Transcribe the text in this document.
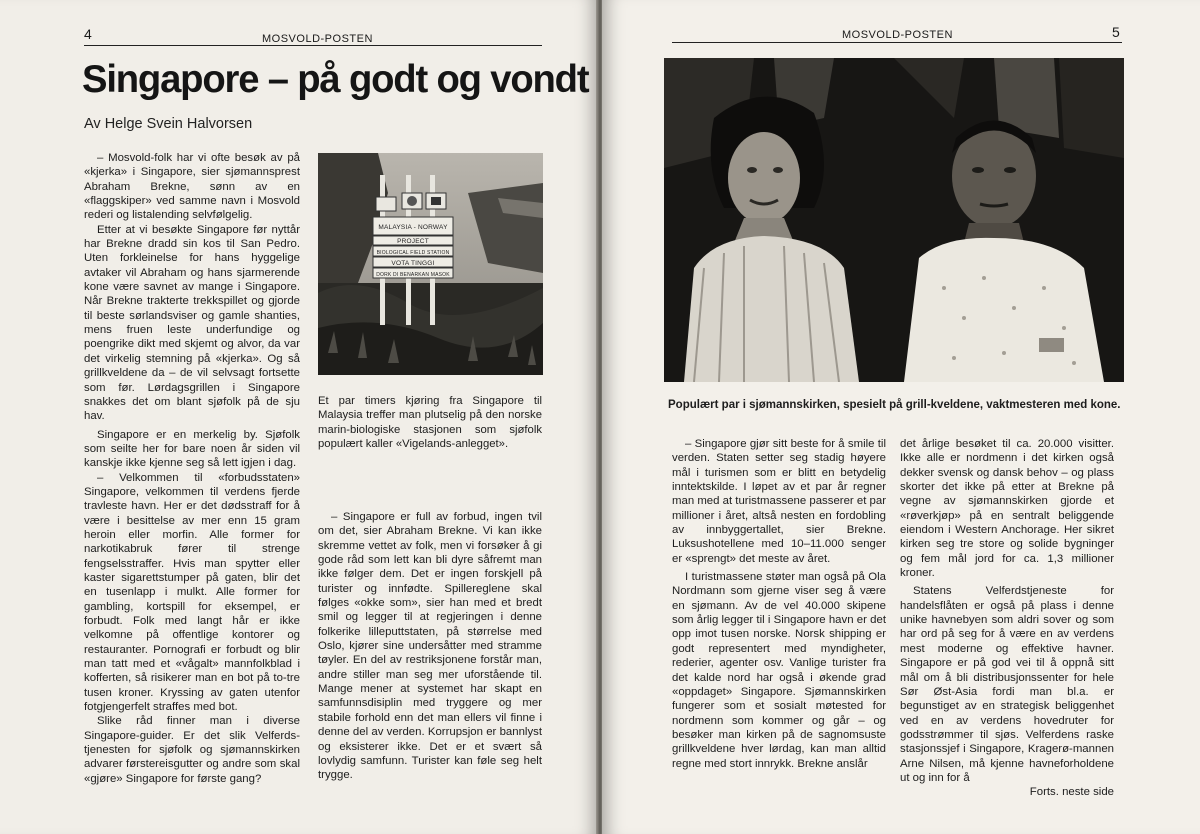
4	MOSVOLD-POSTEN
Singapore – på godt og vondt
Av Helge Svein Halvorsen

– Mosvold-folk har vi ofte besøk av på «kjerka» i Singapore, sier sjømannsprest Abraham Brekne, sønn av en «flaggskiper» ved samme navn i Mosvold rederi og listalending selvfølgelig.

Etter at vi besøkte Singapore før nyttår har Brekne dradd sin kos til San Pedro. Uten forkleinelse for hans hyggelige avtaker vil Abraham og hans sjarmerende kone være savnet av mange i Singapore. Når Brekne trakterte trekkspillet og gjorde til beste sørlandsviser og gamle shanties, mens fruen leste underfundige og poengrike dikt med skjemt og alvor, da var det virkelig stemning på «kjerka». Og så grillkveldene da – de vil selvsagt fortsette som før. Lørdagsgrillen i Singapore snakkes det om blant sjøfolk på de sju hav.

Singapore er en merkelig by. Sjøfolk som seilte her for bare noen år siden vil kanskje ikke kjenne seg så lett igjen i dag.

– Velkommen til «forbudsstaten» Singapore, velkommen til verdens fjerde travleste havn. Her er det dødsstraff for å være i besittelse av mer enn 15 gram heroin eller morfin. Alle former for narkotikabruk fører til strenge fengselsstraffer. Hvis man spytter eller kaster sigarettstumper på gaten, blir det en tusenlapp i mulkt. Alle former for gambling, kortspill for eksempel, er forbudt. Folk med langt hår er ikke velkomne på offentlige kontorer og restauranter. Pornografi er forbudt og blir man tatt med et «vågalt» mannfolkblad i kofferten, så risikerer man en bot på to-tre tusen kroner. Kryssing av gaten utenfor fotgjengerfelt straffes med bot.

Slike råd finner man i diverse Singapore-guider. Er det slik Velferds-tjenesten for sjøfolk og sjømannskirken advarer førstereisgutter og andre som skal «gjøre» Singapore for første gang?

MALAYSIA - NORWAY
PROJECT
BIOLOGICAL FIELD STATION
VOTA TINGGI
DORK DI BENARKAN MASOK
Et par timers kjøring fra Singapore til Malaysia treffer man plutselig på den norske marin-biologiske stasjonen som sjøfolk populært kaller «Vigelands-anlegget».

– Singapore er full av forbud, ingen tvil om det, sier Abraham Brekne. Vi kan ikke skremme vettet av folk, men vi forsøker å gi gode råd som lett kan bli dyre såfremt man ikke følger dem. Det er ingen forskjell på turister og innfødte. Spillereglene skal følges «okke som», sier han med et bredt smil og legger til at regjeringen i denne folkerike lilleputtstaten, på størrelse med Oslo, kjører sine undersåtter med stramme tøyler. En del av restriksjonene forstår man, andre stiller man seg mer uforstående til. Mange mener at systemet har skapt en samfunnsdisiplin med tryggere og mer stabile forhold enn det man ellers vil finne i denne del av verden. Korrupsjon er bannlyst og eksisterer ikke. Det er et svært så lovlydig samfunn. Turister kan føle seg helt trygge.

MOSVOLD-POSTEN	5
Populært par i sjømannskirken, spesielt på grill-kveldene, vaktmesteren med kone.

– Singapore gjør sitt beste for å smile til verden. Staten setter seg stadig høyere mål i turismen som er blitt en betydelig inntektskilde. I løpet av et par år regner man med at turistmassene passerer et par millioner i året, altså nesten en fordobling av innbyggertallet, sier Brekne. Luksushotellene med 10–11.000 senger er «sprengt» det meste av året.

I turistmassene støter man også på Ola Nordmann som gjerne viser seg å være en sjømann. Av de vel 40.000 skipene som årlig legger til i Singapore havn er det opp imot tusen norske. Norsk shipping er godt representert med myndigheter, rederier, agenter osv. Vanlige turister fra det kalde nord har også i økende grad «oppdaget» Singapore. Sjømannskirken fungerer som et sosialt møtested for nordmenn som kommer og går – og besøker man kirken på de sagnomsuste grillkveldene hver lørdag, kan man alltid regne med stort innrykk. Brekne anslår

det årlige besøket til ca. 20.000 visitter. Ikke alle er nordmenn i det kirken også dekker svensk og dansk behov – og plass skorter det ikke på etter at Brekne på vegne av sjømannskirken gjorde et «røverkjøp» på en sentralt beliggende eiendom i Western Anchorage. Her sikret kirken seg tre store og solide bygninger og fem mål jord for ca. 1,3 millioner kroner.

Statens Velferdstjeneste for handelsflåten er også på plass i denne unike havnebyen som aldri sover og som har ord på seg for å være en av verdens mest moderne og effektive havner. Singapore er på god vei til å oppnå sitt mål om å bli distribusjonssenter for hele Sør Øst-Asia fordi man bl.a. er begunstiget av en strategisk beliggenhet ved en av verdens hovedruter for godsstrømmer til sjøs. Velferdens raske stasjonssjef i Singapore, Kragerø-mannen Arne Nilsen, må kjenne havneforholdene ut og inn for å

Forts. neste side
